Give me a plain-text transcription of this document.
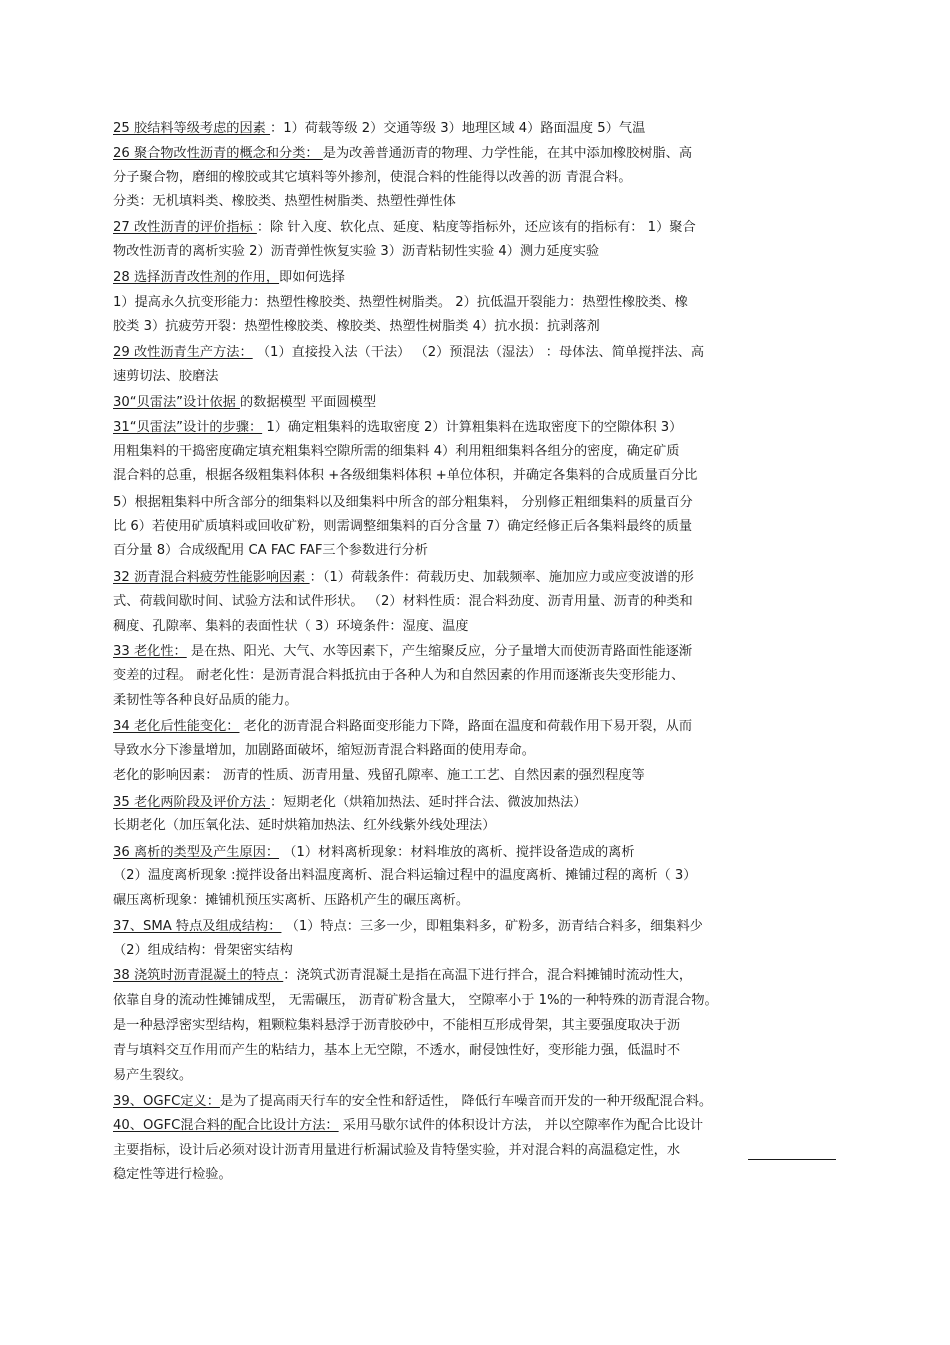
25 胶结料等级考虑的因素 ：1）荷载等级 2）交通等级 3）地理区域 4）路面温度 5）气温
26 聚合物改性沥青的概念和分类： 是为改善普通沥青的物理、力学性能，在其中添加橡胶树脂、高
分子聚合物，磨细的橡胶或其它填料等外掺剂，使混合料的性能得以改善的沥 青混合料。
分类：无机填料类、橡胶类、热塑性树脂类、热塑性弹性体
27 改性沥青的评价指标 ：除 针入度、软化点、延度、粘度等指标外，还应该有的指标有： 1）聚合
物改性沥青的离析实验 2）沥青弹性恢复实验 3）沥青粘韧性实验 4）测力延度实验
28 选择沥青改性剂的作用，即如何选择
1）提高永久抗变形能力：热塑性橡胶类、热塑性树脂类。 2）抗低温开裂能力：热塑性橡胶类、橡
胶类 3）抗疲劳开裂：热塑性橡胶类、橡胶类、热塑性树脂类 4）抗水损：抗剥落剂
29 改性沥青生产方法： （1）直接投入法（干法） （2）预混法（湿法） ：母体法、简单搅拌法、高
速剪切法、胶磨法
30“贝雷法”设计依据 的数据模型 平面圆模型
31“贝雷法”设计的步骤： 1）确定粗集料的选取密度 2）计算粗集料在选取密度下的空隙体积 3）
用粗集料的干捣密度确定填充粗集料空隙所需的细集料 4）利用粗细集料各组分的密度，确定矿质
混合料的总重，根据各级粗集料体积 +各级细集料体积 +单位体积，并确定各集料的合成质量百分比
5）根据粗集料中所含部分的细集料以及细集料中所含的部分粗集料， 分别修正粗细集料的质量百分
比 6）若使用矿质填料或回收矿粉，则需调整细集料的百分含量 7）确定经修正后各集料最终的质量
百分量 8）合成级配用 CA FAC FAF三个参数进行分析
32 沥青混合料疲劳性能影响因素 ：（1）荷载条件：荷载历史、加载频率、施加应力或应变波谱的形
式、荷载间歇时间、试验方法和试件形状。 （2）材料性质：混合料劲度、沥青用量、沥青的种类和
稠度、孔隙率、集料的表面性状（ 3）环境条件：湿度、温度
33 老化性： 是在热、阳光、大气、水等因素下，产生缩聚反应，分子量增大而使沥青路面性能逐渐
变差的过程。 耐老化性：是沥青混合料抵抗由于各种人为和自然因素的作用而逐渐丧失变形能力、
柔韧性等各种良好品质的能力。
34 老化后性能变化： 老化的沥青混合料路面变形能力下降，路面在温度和荷载作用下易开裂，从而
导致水分下渗量增加，加剧路面破坏，缩短沥青混合料路面的使用寿命。
老化的影响因素： 沥青的性质、沥青用量、残留孔隙率、施工工艺、自然因素的强烈程度等
35 老化两阶段及评价方法 ：短期老化（烘箱加热法、延时拌合法、微波加热法）
长期老化（加压氧化法、延时烘箱加热法、红外线紫外线处理法）
36 离析的类型及产生原因： （1）材料离析现象：材料堆放的离析、搅拌设备造成的离析
（2）温度离析现象 :搅拌设备出料温度离析、混合料运输过程中的温度离析、摊铺过程的离析（ 3）
碾压离析现象：摊铺机预压实离析、压路机产生的碾压离析。
37、SMA 特点及组成结构： （1）特点：三多一少，即粗集料多，矿粉多，沥青结合料多，细集料少
（2）组成结构：骨架密实结构
38 浇筑时沥青混凝土的特点 ：浇筑式沥青混凝土是指在高温下进行拌合，混合料摊铺时流动性大，
依靠自身的流动性摊铺成型， 无需碾压， 沥青矿粉含量大， 空隙率小于 1%的一种特殊的沥青混合物。
是一种悬浮密实型结构，粗颗粒集料悬浮于沥青胶砂中，不能相互形成骨架，其主要强度取决于沥
青与填料交互作用而产生的粘结力，基本上无空隙，不透水，耐侵蚀性好，变形能力强，低温时不
易产生裂纹。
39、OGFC定义：是为了提高雨天行车的安全性和舒适性， 降低行车噪音而开发的一种开级配混合料。
40、OGFC混合料的配合比设计方法： 采用马歇尔试件的体积设计方法， 并以空隙率作为配合比设计
主要指标，设计后必须对设计沥青用量进行析漏试验及肯特堡实验，并对混合料的高温稳定性，水
稳定性等进行检验。
